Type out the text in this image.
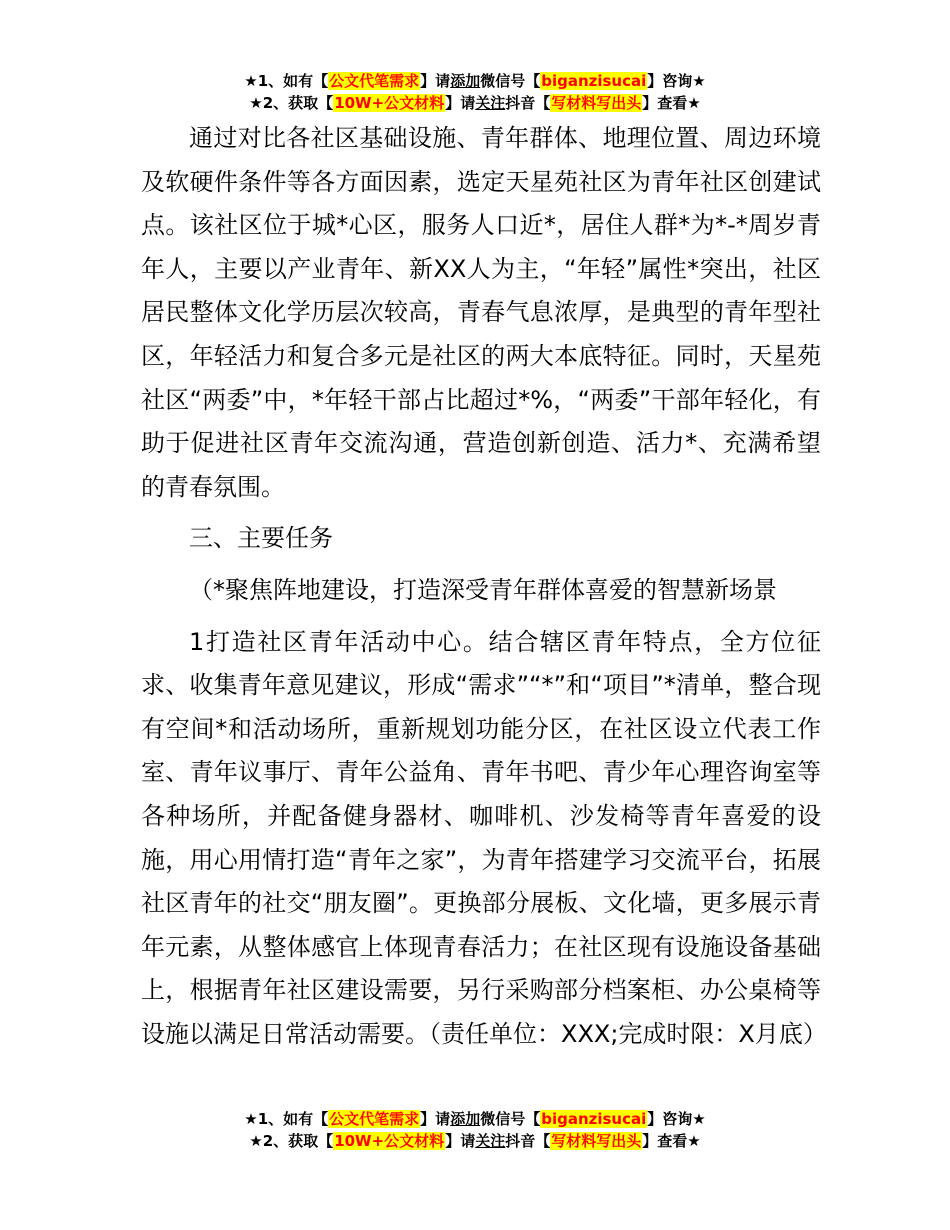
★1、如有【公文代笔需求】请添加微信号【biganzisucai】咨询★
★2、获取【10W+公文材料】请关注抖音【写材料写出头】查看★

通过对比各社区基础设施、青年群体、地理位置、周边环境及软硬件条件等各方面因素，选定天星苑社区为青年社区创建试点。该社区位于城*心区，服务人口近*，居住人群*为*-*周岁青年人，主要以产业青年、新XX人为主，“年轻”属性*突出，社区居民整体文化学历层次较高，青春气息浓厚，是典型的青年型社区，年轻活力和复合多元是社区的两大本底特征。同时，天星苑社区“两委”中，*年轻干部占比超过*%，“两委”干部年轻化，有助于促进社区青年交流沟通，营造创新创造、活力*、充满希望的青春氛围。

三、主要任务

（*聚焦阵地建设，打造深受青年群体喜爱的智慧新场景

1打造社区青年活动中心。结合辖区青年特点，全方位征求、收集青年意见建议，形成“需求”“*”和“项目”*清单，整合现有空间*和活动场所，重新规划功能分区，在社区设立代表工作室、青年议事厅、青年公益角、青年书吧、青少年心理咨询室等各种场所，并配备健身器材、咖啡机、沙发椅等青年喜爱的设施，用心用情打造“青年之家”，为青年搭建学习交流平台，拓展社区青年的社交“朋友圈”。更换部分展板、文化墙，更多展示青年元素，从整体感官上体现青春活力；在社区现有设施设备基础上，根据青年社区建设需要，另行采购部分档案柜、办公桌椅等设施以满足日常活动需要。（责任单位：XXX;完成时限：X月底）

★1、如有【公文代笔需求】请添加微信号【biganzisucai】咨询★
★2、获取【10W+公文材料】请关注抖音【写材料写出头】查看★
